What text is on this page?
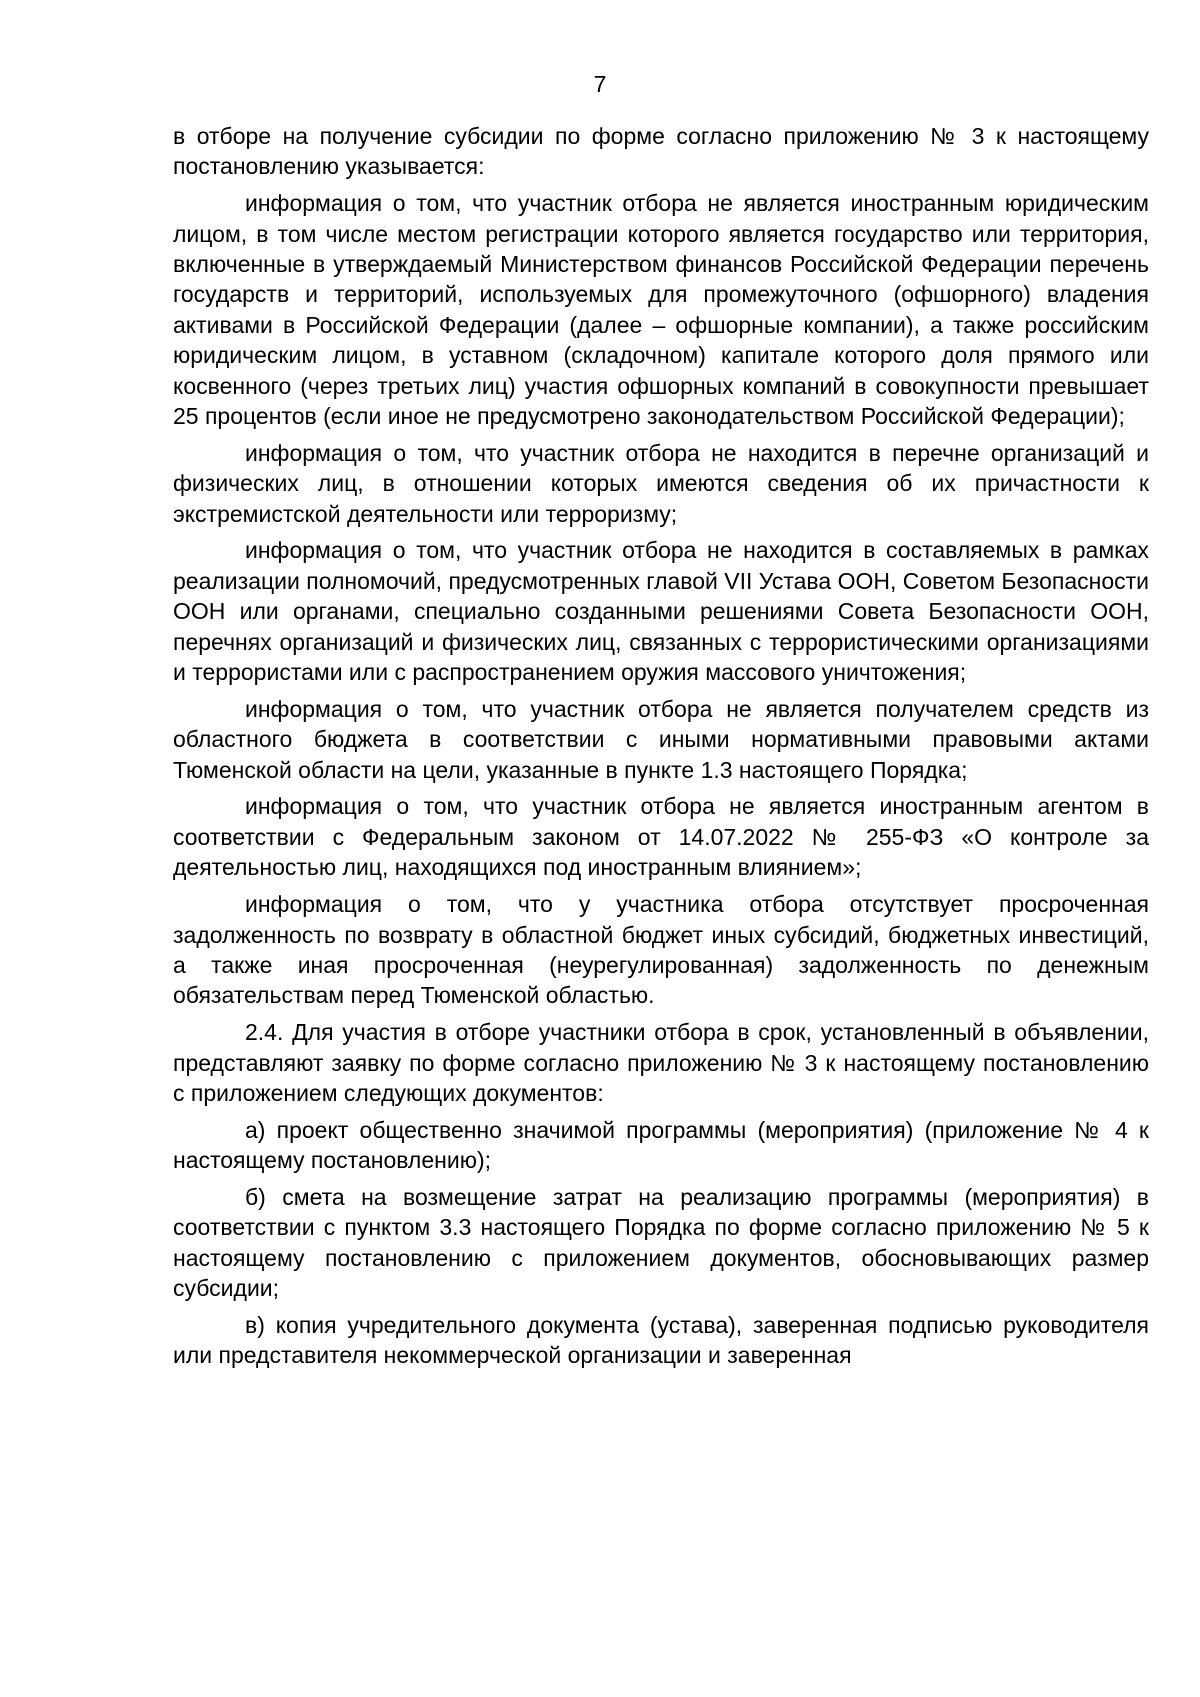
7

в отборе на получение субсидии по форме согласно приложению № 3 к настоящему постановлению указывается:

информация о том, что участник отбора не является иностранным юридическим лицом, в том числе местом регистрации которого является государство или территория, включенные в утверждаемый Министерством финансов Российской Федерации перечень государств и территорий, используемых для промежуточного (офшорного) владения активами в Российской Федерации (далее – офшорные компании), а также российским юридическим лицом, в уставном (складочном) капитале которого доля прямого или косвенного (через третьих лиц) участия офшорных компаний в совокупности превышает 25 процентов (если иное не предусмотрено законодательством Российской Федерации);

информация о том, что участник отбора не находится в перечне организаций и физических лиц, в отношении которых имеются сведения об их причастности к экстремистской деятельности или терроризму;

информация о том, что участник отбора не находится в составляемых в рамках реализации полномочий, предусмотренных главой VII Устава ООН, Советом Безопасности ООН или органами, специально созданными решениями Совета Безопасности ООН, перечнях организаций и физических лиц, связанных с террористическими организациями и террористами или с распространением оружия массового уничтожения;

информация о том, что участник отбора не является получателем средств из областного бюджета в соответствии с иными нормативными правовыми актами Тюменской области на цели, указанные в пункте 1.3 настоящего Порядка;

информация о том, что участник отбора не является иностранным агентом в соответствии с Федеральным законом от 14.07.2022 № 255-ФЗ «О контроле за деятельностью лиц, находящихся под иностранным влиянием»;

информация о том, что у участника отбора отсутствует просроченная задолженность по возврату в областной бюджет иных субсидий, бюджетных инвестиций, а также иная просроченная (неурегулированная) задолженность по денежным обязательствам перед Тюменской областью.

2.4. Для участия в отборе участники отбора в срок, установленный в объявлении, представляют заявку по форме согласно приложению № 3 к настоящему постановлению с приложением следующих документов:

а) проект общественно значимой программы (мероприятия) (приложение № 4 к настоящему постановлению);

б) смета на возмещение затрат на реализацию программы (мероприятия) в соответствии с пунктом 3.3 настоящего Порядка по форме согласно приложению № 5 к настоящему постановлению с приложением документов, обосновывающих размер субсидии;

в) копия учредительного документа (устава), заверенная подписью руководителя или представителя некоммерческой организации и заверенная
